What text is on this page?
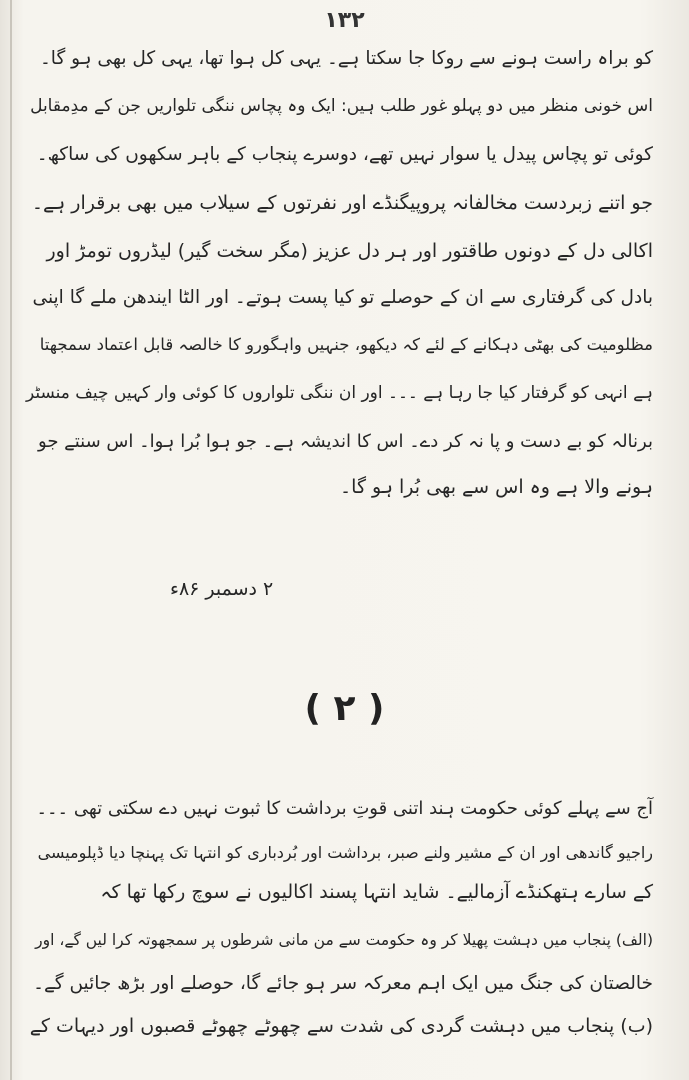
۱۳۲
کو براہ راست ہونے سے روکا جا سکتا ہے۔ یہی کل ہوا تھا، یہی کل بھی ہو گا۔
اس خونی منظر میں دو پہلو غور طلب ہیں: ایک وہ پچاس ننگی تلواریں جن کے مدِمقابل
کوئی تو پچاس پیدل یا سوار نہیں تھے، دوسرے پنجاب کے باہر سکھوں کی ساکھ۔
جو اتنے زبردست مخالفانہ پروپیگنڈے اور نفرتوں کے سیلاب میں بھی برقرار ہے۔
اکالی دل کے دونوں طاقتور اور ہر دل عزیز (مگر سخت گیر) لیڈروں تومڑ اور
بادل کی گرفتاری سے ان کے حوصلے تو کیا پست ہوتے۔ اور الٹا ایندھن ملے گا اپنی
مظلومیت کی بھٹی دہکانے کے لئے کہ دیکھو، جنہیں واہگورو کا خالصہ قابل اعتماد سمجھتا
ہے انہی کو گرفتار کیا جا رہا ہے ۔۔۔ اور ان ننگی تلواروں کا کوئی وار کہیں چیف منسٹر
برنالہ کو بے دست و پا نہ کر دے۔ اس کا اندیشہ ہے۔ جو ہوا بُرا ہوا۔ اس سنتے جو
ہونے والا ہے وہ اس سے بھی بُرا ہو گا۔
۲ دسمبر ۸۶ء
( ۲ )
آج سے پہلے کوئی حکومت ہند اتنی قوتِ برداشت کا ثبوت نہیں دے سکتی تھی ۔۔۔
راجیو گاندھی اور ان کے مشیر ولنے صبر، برداشت اور بُردباری کو انتہا تک پہنچا دیا ڈپلومیسی
کے سارے ہتھکنڈے آزمالیے۔ شاید انتہا پسند اکالیوں نے سوچ رکھا تھا کہ
(الف) پنجاب میں دہشت پھیلا کر وہ حکومت سے من مانی شرطوں پر سمجھوتہ کرا لیں گے، اور
خالصتان کی جنگ میں ایک اہم معرکہ سر ہو جائے گا، حوصلے اور بڑھ جائیں گے۔
(ب) پنجاب میں دہشت گردی کی شدت سے چھوٹے چھوٹے قصبوں اور دیہات کے
